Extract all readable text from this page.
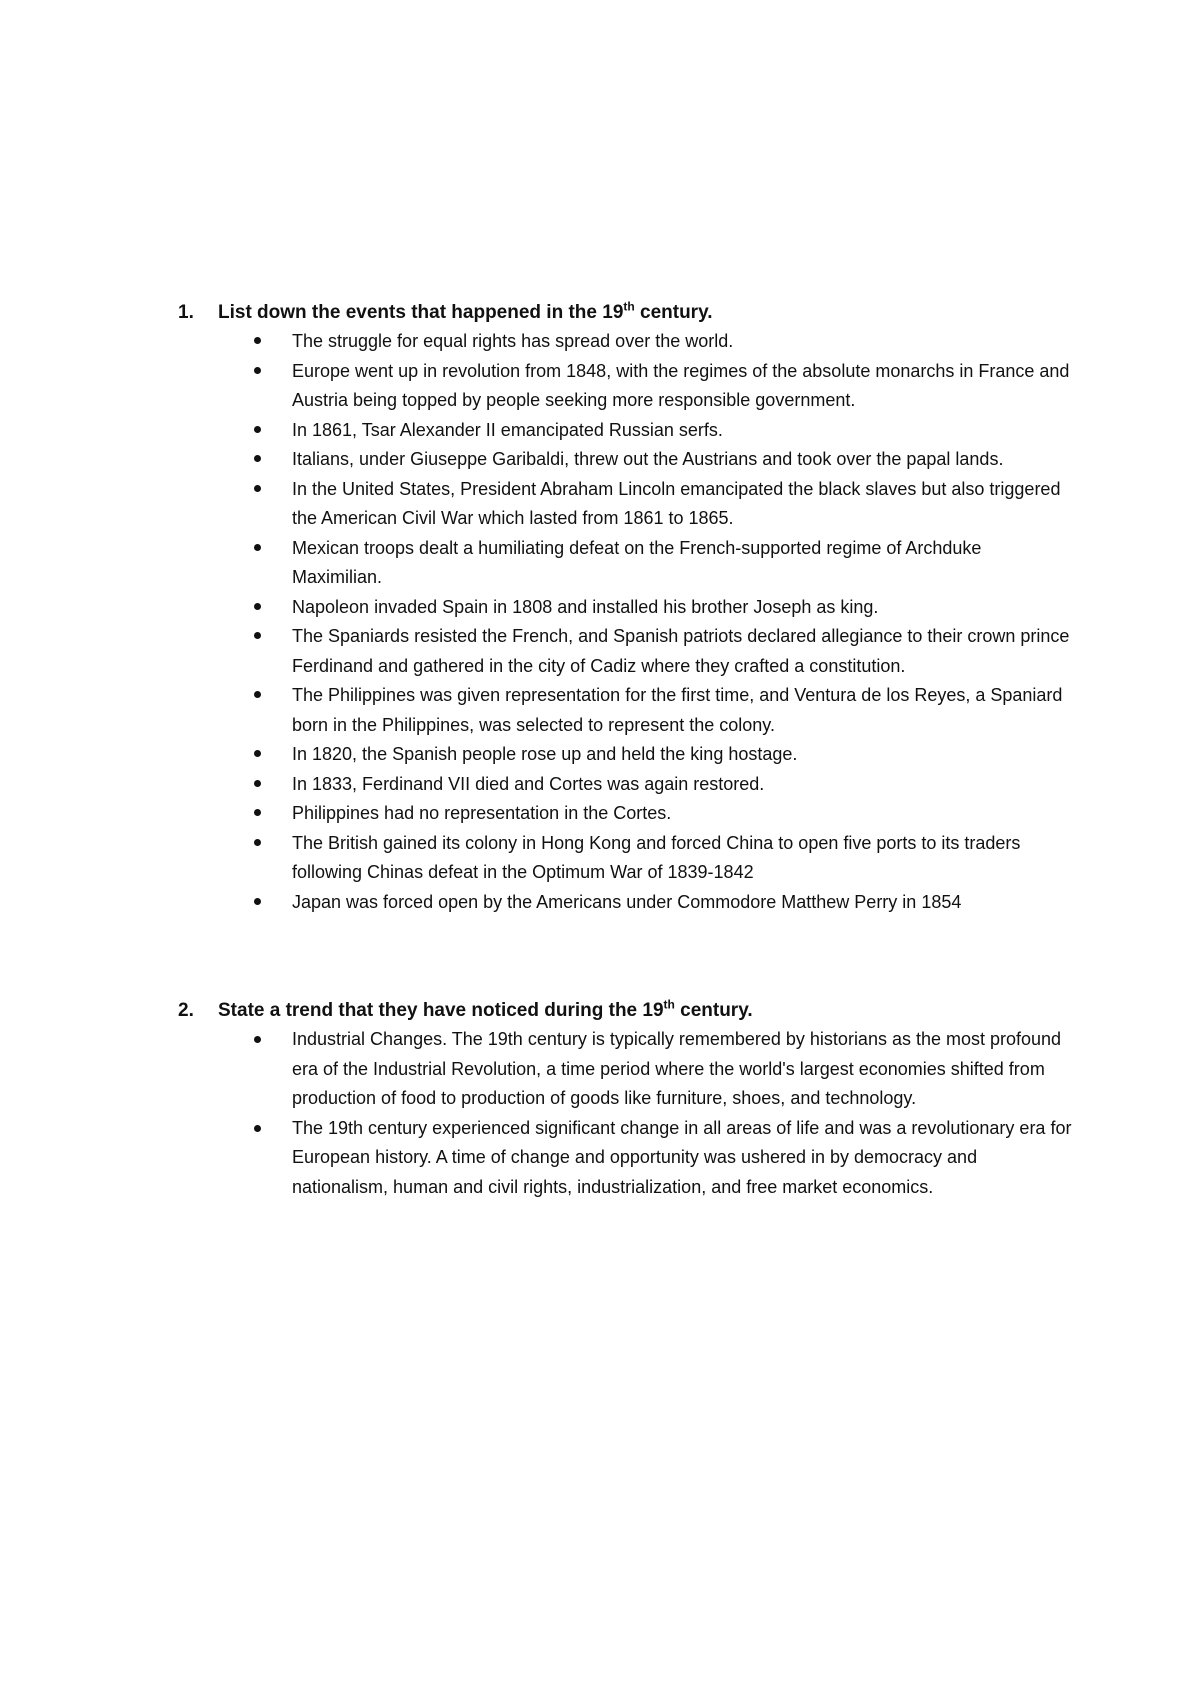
1. List down the events that happened in the 19th century.
The struggle for equal rights has spread over the world.
Europe went up in revolution from 1848, with the regimes of the absolute monarchs in France and Austria being topped by people seeking more responsible government.
In 1861, Tsar Alexander II emancipated Russian serfs.
Italians, under Giuseppe Garibaldi, threw out the Austrians and took over the papal lands.
In the United States, President Abraham Lincoln emancipated the black slaves but also triggered the American Civil War which lasted from 1861 to 1865.
Mexican troops dealt a humiliating defeat on the French-supported regime of Archduke Maximilian.
Napoleon invaded Spain in 1808 and installed his brother Joseph as king.
The Spaniards resisted the French, and Spanish patriots declared allegiance to their crown prince Ferdinand and gathered in the city of Cadiz where they crafted a constitution.
The Philippines was given representation for the first time, and Ventura de los Reyes, a Spaniard born in the Philippines, was selected to represent the colony.
In 1820, the Spanish people rose up and held the king hostage.
In 1833, Ferdinand VII died and Cortes was again restored.
Philippines had no representation in the Cortes.
The British gained its colony in Hong Kong and forced China to open five ports to its traders following Chinas defeat in the Optimum War of 1839-1842
Japan was forced open by the Americans under Commodore Matthew Perry in 1854
2. State a trend that they have noticed during the 19th century.
Industrial Changes. The 19th century is typically remembered by historians as the most profound era of the Industrial Revolution, a time period where the world's largest economies shifted from production of food to production of goods like furniture, shoes, and technology.
The 19th century experienced significant change in all areas of life and was a revolutionary era for European history. A time of change and opportunity was ushered in by democracy and nationalism, human and civil rights, industrialization, and free market economics.
